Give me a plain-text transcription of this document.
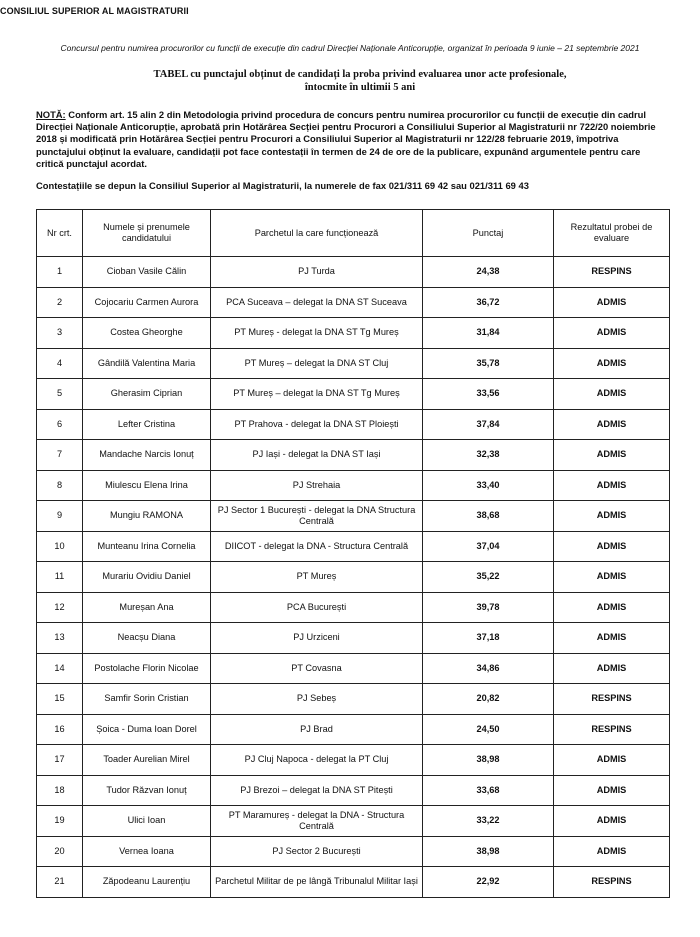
CONSILIUL SUPERIOR AL MAGISTRATURII
Concursul pentru numirea procurorilor cu funcții de execuție din cadrul Direcției Naționale Anticorupție, organizat în perioada 9 iunie – 21 septembrie 2021
TABEL cu punctajul obținut de candidați la proba privind evaluarea unor acte profesionale,
întocmite în ultimii 5 ani
NOTĂ: Conform art. 15 alin 2 din Metodologia privind procedura de concurs pentru numirea procurorilor cu funcții de execuție din cadrul Direcției Naționale Anticorupție, aprobată prin Hotărârea Secției pentru Procurori a Consiliului Superior al Magistraturii nr 722/20 noiembrie 2018 și modificată prin Hotărârea Secției pentru Procurori a Consiliului Superior al Magistraturii nr 122/28 februarie 2019, împotriva punctajului obținut la evaluare, candidații pot face contestații în termen de 24 de ore de la publicare, expunând argumentele pentru care critică punctajul acordat.
Contestațiile se depun la Consiliul Superior al Magistraturii, la numerele de fax 021/311 69 42 sau 021/311 69 43
Nr crt.	Numele și prenumele candidatului	Parchetul la care funcționează	Punctaj	Rezultatul probei de evaluare
1	Cioban Vasile Călin	PJ Turda	24,38	RESPINS
2	Cojocariu Carmen Aurora	PCA Suceava – delegat la DNA ST Suceava	36,72	ADMIS
3	Costea Gheorghe	PT Mureș - delegat la DNA ST Tg Mureș	31,84	ADMIS
4	Gândilă Valentina Maria	PT Mureș – delegat la DNA ST Cluj	35,78	ADMIS
5	Gherasim Ciprian	PT Mureș – delegat la DNA ST Tg Mureș	33,56	ADMIS
6	Lefter Cristina	PT Prahova - delegat la DNA ST Ploiești	37,84	ADMIS
7	Mandache Narcis Ionuț	PJ Iași - delegat la DNA ST Iași	32,38	ADMIS
8	Miulescu Elena Irina	PJ Strehaia	33,40	ADMIS
9	Mungiu RAMONA	PJ Sector 1 București - delegat la DNA Structura Centrală	38,68	ADMIS
10	Munteanu Irina Cornelia	DIICOT - delegat la DNA - Structura Centrală	37,04	ADMIS
11	Murariu Ovidiu Daniel	PT Mureș	35,22	ADMIS
12	Mureșan Ana	PCA București	39,78	ADMIS
13	Neacșu Diana	PJ Urziceni	37,18	ADMIS
14	Postolache Florin Nicolae	PT Covasna	34,86	ADMIS
15	Samfir Sorin Cristian	PJ Sebeș	20,82	RESPINS
16	Șoica - Duma Ioan Dorel	PJ Brad	24,50	RESPINS
17	Toader Aurelian Mirel	PJ Cluj Napoca - delegat la PT Cluj	38,98	ADMIS
18	Tudor Răzvan Ionuț	PJ Brezoi – delegat la DNA ST Pitești	33,68	ADMIS
19	Ulici Ioan	PT Maramureș - delegat la DNA - Structura Centrală	33,22	ADMIS
20	Vernea Ioana	PJ Sector 2 București	38,98	ADMIS
21	Zăpodeanu Laurențiu	Parchetul Militar de pe lângă Tribunalul Militar Iași	22,92	RESPINS
